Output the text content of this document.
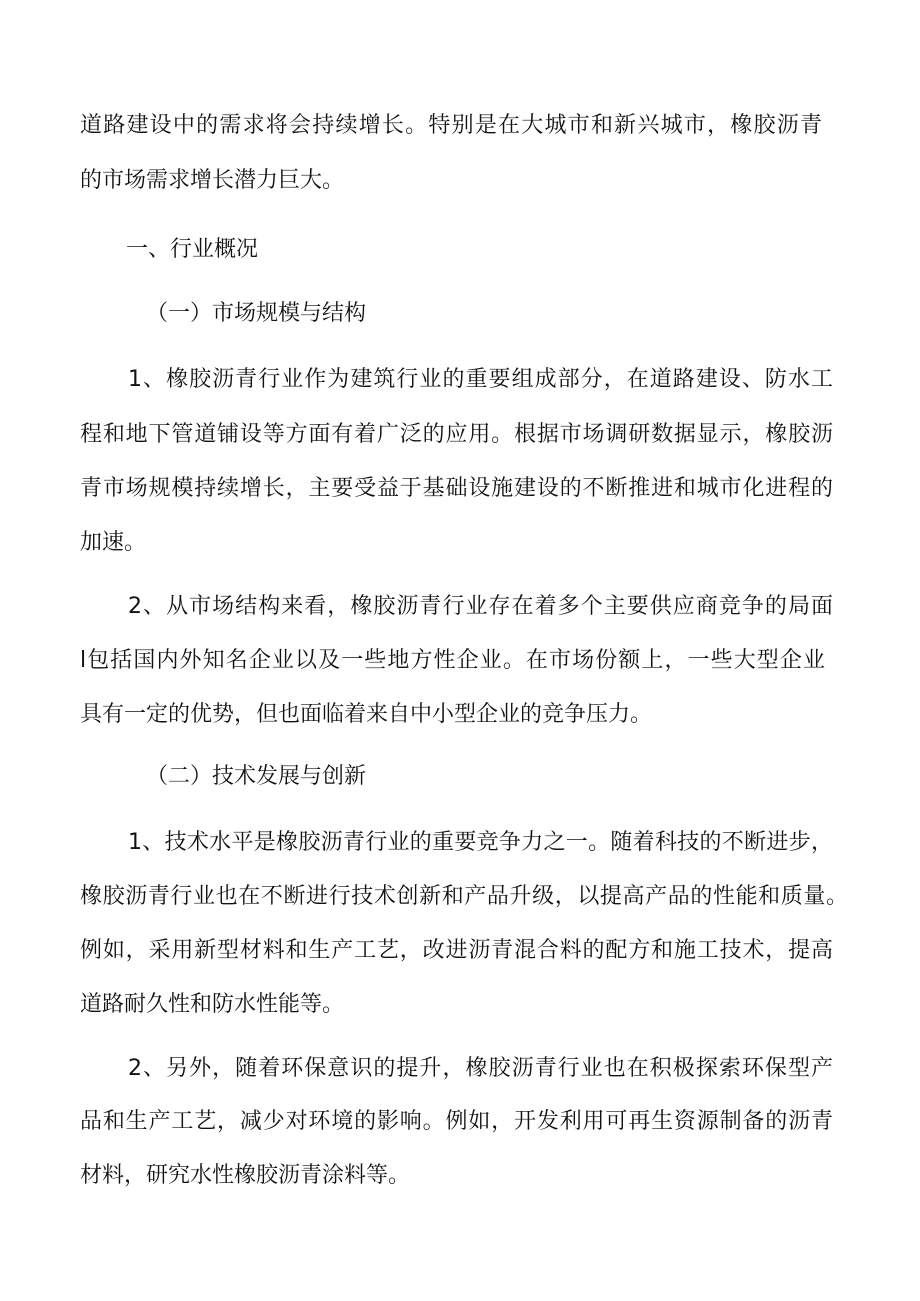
道路建设中的需求将会持续增长。特别是在大城市和新兴城市，橡胶沥青
的市场需求增长潜力巨大。
一、行业概况
（一）市场规模与结构
1、橡胶沥青行业作为建筑行业的重要组成部分，在道路建设、防水工
程和地下管道铺设等方面有着广泛的应用。根据市场调研数据显示，橡胶沥
青市场规模持续增长，主要受益于基础设施建设的不断推进和城市化进程的
加速。
2、从市场结构来看，橡胶沥青行业存在着多个主要供应商竞争的局面
l包括国内外知名企业以及一些地方性企业。在市场份额上，一些大型企业
具有一定的优势，但也面临着来自中小型企业的竞争压力。
（二）技术发展与创新
1、技术水平是橡胶沥青行业的重要竞争力之一。随着科技的不断进步，
橡胶沥青行业也在不断进行技术创新和产品升级，以提高产品的性能和质量。
例如，采用新型材料和生产工艺，改进沥青混合料的配方和施工技术，提高
道路耐久性和防水性能等。
2、另外，随着环保意识的提升，橡胶沥青行业也在积极探索环保型产
品和生产工艺，减少对环境的影响。例如，开发利用可再生资源制备的沥青
材料，研究水性橡胶沥青涂料等。
